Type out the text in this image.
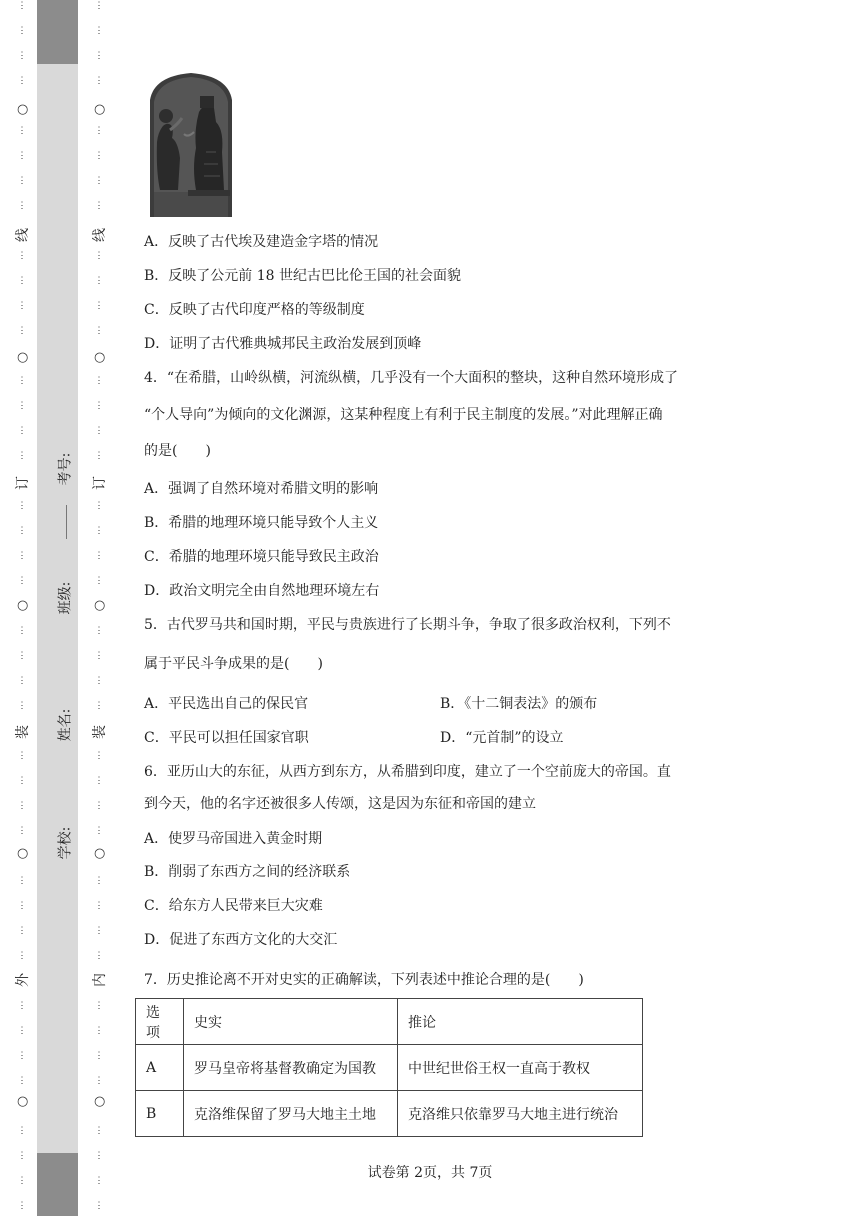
⋮
⋮
⋮
⋮
⋮
⋮
⋮
⋮
⋮
⋮
⋮
⋮
⋮
⋮
⋮
⋮
⋮
⋮
⋮
⋮
⋮
⋮
⋮
⋮
⋮
⋮
⋮
⋮
⋮
⋮
⋮
⋮
⋮
⋮
⋮
⋮
⋮
⋮
⋮
⋮
○
○
○
○
○
⋮
⋮
⋮
⋮
⋮
⋮
⋮
⋮
⋮
⋮
⋮
⋮
⋮
⋮
⋮
⋮
⋮
⋮
⋮
⋮
⋮
⋮
⋮
⋮
⋮
⋮
⋮
⋮
⋮
⋮
⋮
⋮
⋮
⋮
⋮
⋮
⋮
⋮
⋮
⋮
○
○
○
○
○
线
订
装
外
线
订
装
内
考号:
班级:
姓名:
学校:
A．反映了古代埃及建造金字塔的情况
B．反映了公元前 18 世纪古巴比伦王国的社会面貌
C．反映了古代印度严格的等级制度
D．证明了古代雅典城邦民主政治发展到顶峰
4．“在希腊，山岭纵横，河流纵横，几乎没有一个大面积的整块，这种自然环境形成了
“个人导向”为倾向的文化渊源，这某种程度上有利于民主制度的发展。”对此理解正确
的是(　　)
A．强调了自然环境对希腊文明的影响
B．希腊的地理环境只能导致个人主义
C．希腊的地理环境只能导致民主政治
D．政治文明完全由自然地理环境左右
5．古代罗马共和国时期，平民与贵族进行了长期斗争，争取了很多政治权利，下列不
属于平民斗争成果的是(　　)
A．平民选出自己的保民官	B．《十二铜表法》的颁布
C．平民可以担任国家官职	D．“元首制”的设立
6．亚历山大的东征，从西方到东方，从希腊到印度，建立了一个空前庞大的帝国。直
到今天，他的名字还被很多人传颂，这是因为东征和帝国的建立
A．使罗马帝国进入黄金时期
B．削弱了东西方之间的经济联系
C．给东方人民带来巨大灾难
D．促进了东西方文化的大交汇
7．历史推论离不开对史实的正确解读，下列表述中推论合理的是(　　)
选项	史实	推论
A	罗马皇帝将基督教确定为国教	中世纪世俗王权一直高于教权
B	克洛维保留了罗马大地主土地	克洛维只依靠罗马大地主进行统治
试卷第 2页，共 7页
